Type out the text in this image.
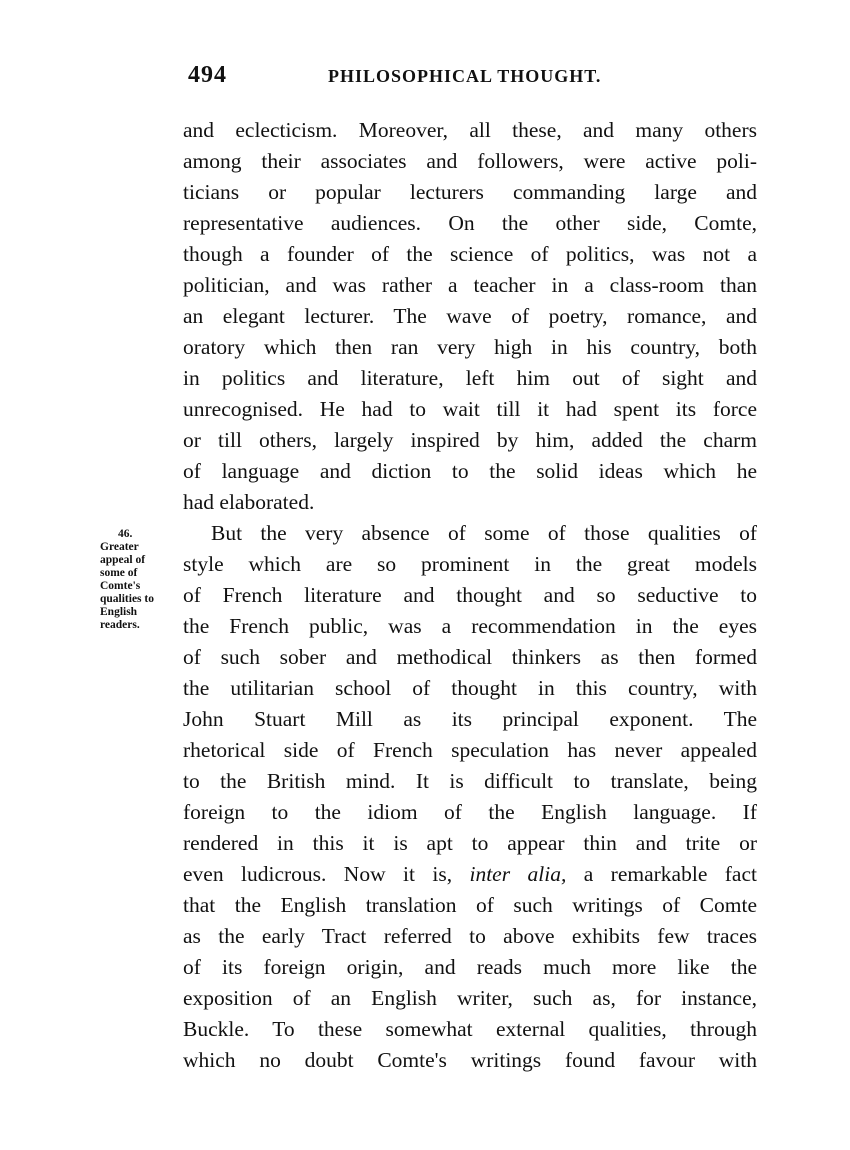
494	PHILOSOPHICAL THOUGHT.
46.
Greater
appeal of
some of
Comte's
qualities to
English
readers.
and eclecticism. Moreover, all these, and many others
among their associates and followers, were active poli-
ticians or popular lecturers commanding large and
representative audiences. On the other side, Comte,
though a founder of the science of politics, was not a
politician, and was rather a teacher in a class-room than
an elegant lecturer. The wave of poetry, romance, and
oratory which then ran very high in his country, both
in politics and literature, left him out of sight and
unrecognised. He had to wait till it had spent its force
or till others, largely inspired by him, added the charm
of language and diction to the solid ideas which he
had elaborated.
But the very absence of some of those qualities of
style which are so prominent in the great models
of French literature and thought and so seductive to
the French public, was a recommendation in the eyes
of such sober and methodical thinkers as then formed
the utilitarian school of thought in this country, with
John Stuart Mill as its principal exponent. The
rhetorical side of French speculation has never appealed
to the British mind. It is difficult to translate, being
foreign to the idiom of the English language. If
rendered in this it is apt to appear thin and trite or
even ludicrous. Now it is, inter alia, a remarkable fact
that the English translation of such writings of Comte
as the early Tract referred to above exhibits few traces
of its foreign origin, and reads much more like the
exposition of an English writer, such as, for instance,
Buckle. To these somewhat external qualities, through
which no doubt Comte's writings found favour with
